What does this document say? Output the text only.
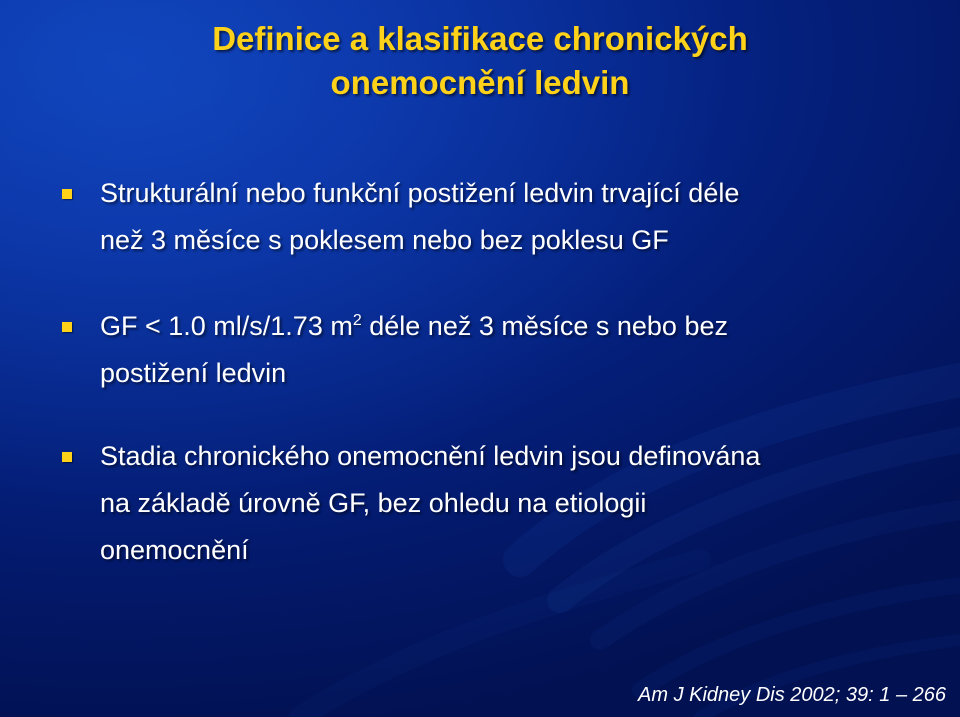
Definice a klasifikace chronických
onemocnění ledvin
Strukturální nebo funkční postižení ledvin trvající déle
než 3 měsíce s poklesem nebo bez poklesu GF
GF < 1.0 ml/s/1.73 $m^2$ déle než 3 měsíce s nebo bez
postižení ledvin
Stadia chronického onemocnění ledvin jsou definována
na základě úrovně GF, bez ohledu na etiologii
onemocnění
Am J Kidney Dis 2002; 39: 1 – 266
